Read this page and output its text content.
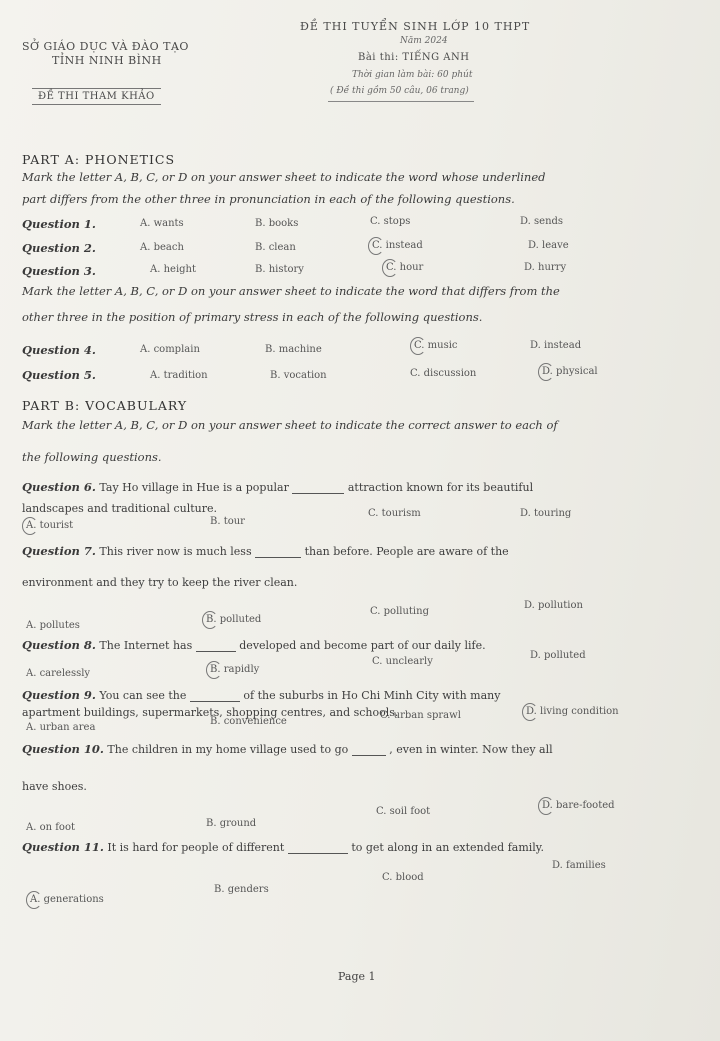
SỞ GIÁO DỤC VÀ ĐÀO TẠO
TỈNH NINH BÌNH
ĐỀ THI THAM KHẢO
ĐỀ THI TUYỂN SINH LỚP 10 THPT
Năm 2024
Bài thi: TIẾNG ANH
Thời gian làm bài: 60 phút
( Đề thi gồm 50 câu, 06 trang)
PART A: PHONETICS
Mark the letter A, B, C, or D on your answer sheet to indicate the word whose underlined
part differs from the other three in pronunciation in each of the following questions.
Question 1.	A. wants	B. books	C. stops	D. sends
Question 2.	A. beach	B. clean	C. instead	D. leave
Question 3.	A. height	B. history	C. hour	D. hurry
Mark the letter A, B, C, or D on your answer sheet to indicate the word that differs from the
other three in the position of primary stress in each of the following questions.
Question 4.	A. complain	B. machine	C. music	D. instead
Question 5.	A. tradition	B. vocation	C. discussion	D. physical
PART B: VOCABULARY
Mark the letter A, B, C, or D on your answer sheet to indicate the correct answer to each of
the following questions.
Question 6. Tay Ho village in Hue is a popular	attraction known for its beautiful
landscapes and traditional culture.
A. tourist	B. tour
C. tourism	D. touring
Question 7. This river now is much less	than before. People are aware of the
environment and they try to keep the river clean.
A. pollutes
B. polluted
C. polluting
D. pollution
Question 8. The Internet has	developed and become part of our daily life.
A. carelessly	B. rapidly
C. unclearly
D. polluted
Question 9. You can see the	of the suburbs in Ho Chi Minh City with many
apartment buildings, supermarkets, shopping centres, and schools.
A. urban area
B. convenience
C. urban sprawl	D. living condition
Question 10. The children in my home village used to go	, even in winter. Now they all
have shoes.
A. on foot	B. ground
C. soil foot
D. bare-footed
Question 11. It is hard for people of different	to get along in an extended family.
A. generations
B. genders
C. blood
D. families
Page 1
